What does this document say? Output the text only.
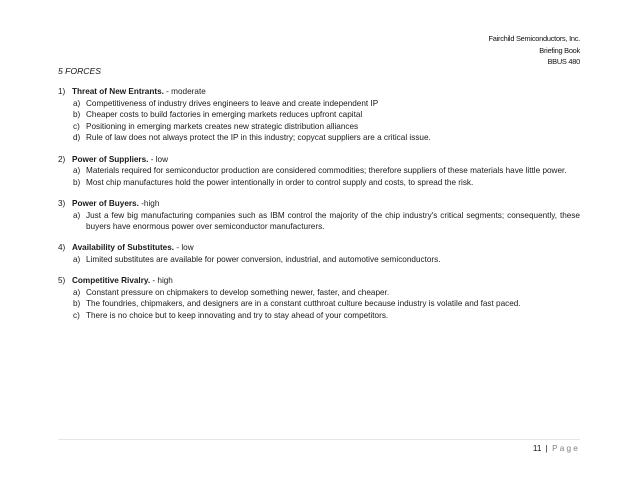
Fairchild Semiconductors, Inc.
Briefing Book
BBUS 480
5 FORCES
1) Threat of New Entrants. - moderate
a) Competitiveness of industry drives engineers to leave and create independent IP
b) Cheaper costs to build factories in emerging markets reduces upfront capital
c) Positioning in emerging markets creates new strategic distribution alliances
d) Rule of law does not always protect the IP in this industry; copycat suppliers are a critical issue.
2) Power of Suppliers. - low
a) Materials required for semiconductor production are considered commodities; therefore suppliers of these materials have little power.
b) Most chip manufactures hold the power intentionally in order to control supply and costs, to spread the risk.
3) Power of Buyers. -high
a) Just a few big manufacturing companies such as IBM control the majority of the chip industry's critical segments; consequently, these buyers have enormous power over semiconductor manufacturers.
4) Availability of Substitutes. - low
a) Limited substitutes are available for power conversion, industrial, and automotive semiconductors.
5) Competitive Rivalry. - high
a) Constant pressure on chipmakers to develop something newer, faster, and cheaper.
b) The foundries, chipmakers, and designers are in a constant cutthroat culture because industry is volatile and fast paced.
c) There is no choice but to keep innovating and try to stay ahead of your competitors.
11 | Page
